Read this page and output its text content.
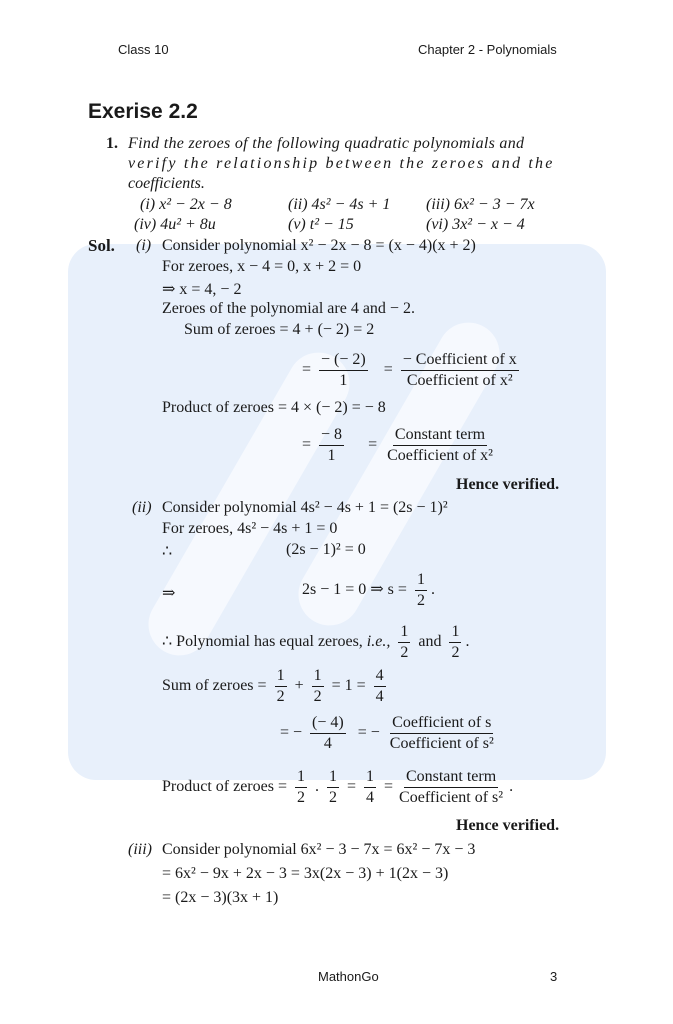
Class 10	Chapter 2 - Polynomials
Exerise 2.2
1. Find the zeroes of the following quadratic polynomials and
verify the relationship between the zeroes and the
coefficients.
(i) x² − 2x − 8	(ii) 4s² − 4s + 1 (iii) 6x² − 3 − 7x
(iv) 4u² + 8u	(v) t² − 15	(vi) 3x² − x − 4
Sol. (i) Consider polynomial x² − 2x − 8 = (x − 4)(x + 2)
For zeroes, x − 4 = 0, x + 2 = 0
⇒ x = 4, − 2
Zeroes of the polynomial are 4 and − 2.
Sum of zeroes = 4 + (− 2) = 2
= $\frac{- (- 2)}{1} = \frac{\text{− Coefficient of x}}{\text{Coefficient of x²}}$
Product of zeroes = 4 × (− 2) = − 8
= $\frac{- 8}{1} = \frac{\text{Constant term}}{\text{Coefficient of x²}}$
Hence verified.
(ii) Consider polynomial 4s² − 4s + 1 = (2s − 1)²
For zeroes, 4s² − 4s + 1 = 0
∴	(2s − 1)² = 0
⇒	2s − 1 = 0 ⇒ $s = \frac{1}{2}$ .
∴ Polynomial has equal zeroes, i.e., $\frac{1}{2}$ and $\frac{1}{2}$ .
Sum of zeroes = $\frac{1}{2} + \frac{1}{2} = 1 = \frac{4}{4}$
= − $\frac{(- 4)}{4}$ = − $\frac{\text{Coefficient of s}}{\text{Coefficient of s²}}$
Product of zeroes = $\frac{1}{2}$ . $\frac{1}{2} = \frac{1}{4} = \frac{\text{Constant term}}{\text{Coefficient of s²}}$ .
Hence verified.
(iii) Consider polynomial 6x² − 3 − 7x = 6x² − 7x − 3
= 6x² − 9x + 2x − 3 = 3x(2x − 3) + 1(2x − 3)
= (2x − 3)(3x + 1)
MathonGo	3
